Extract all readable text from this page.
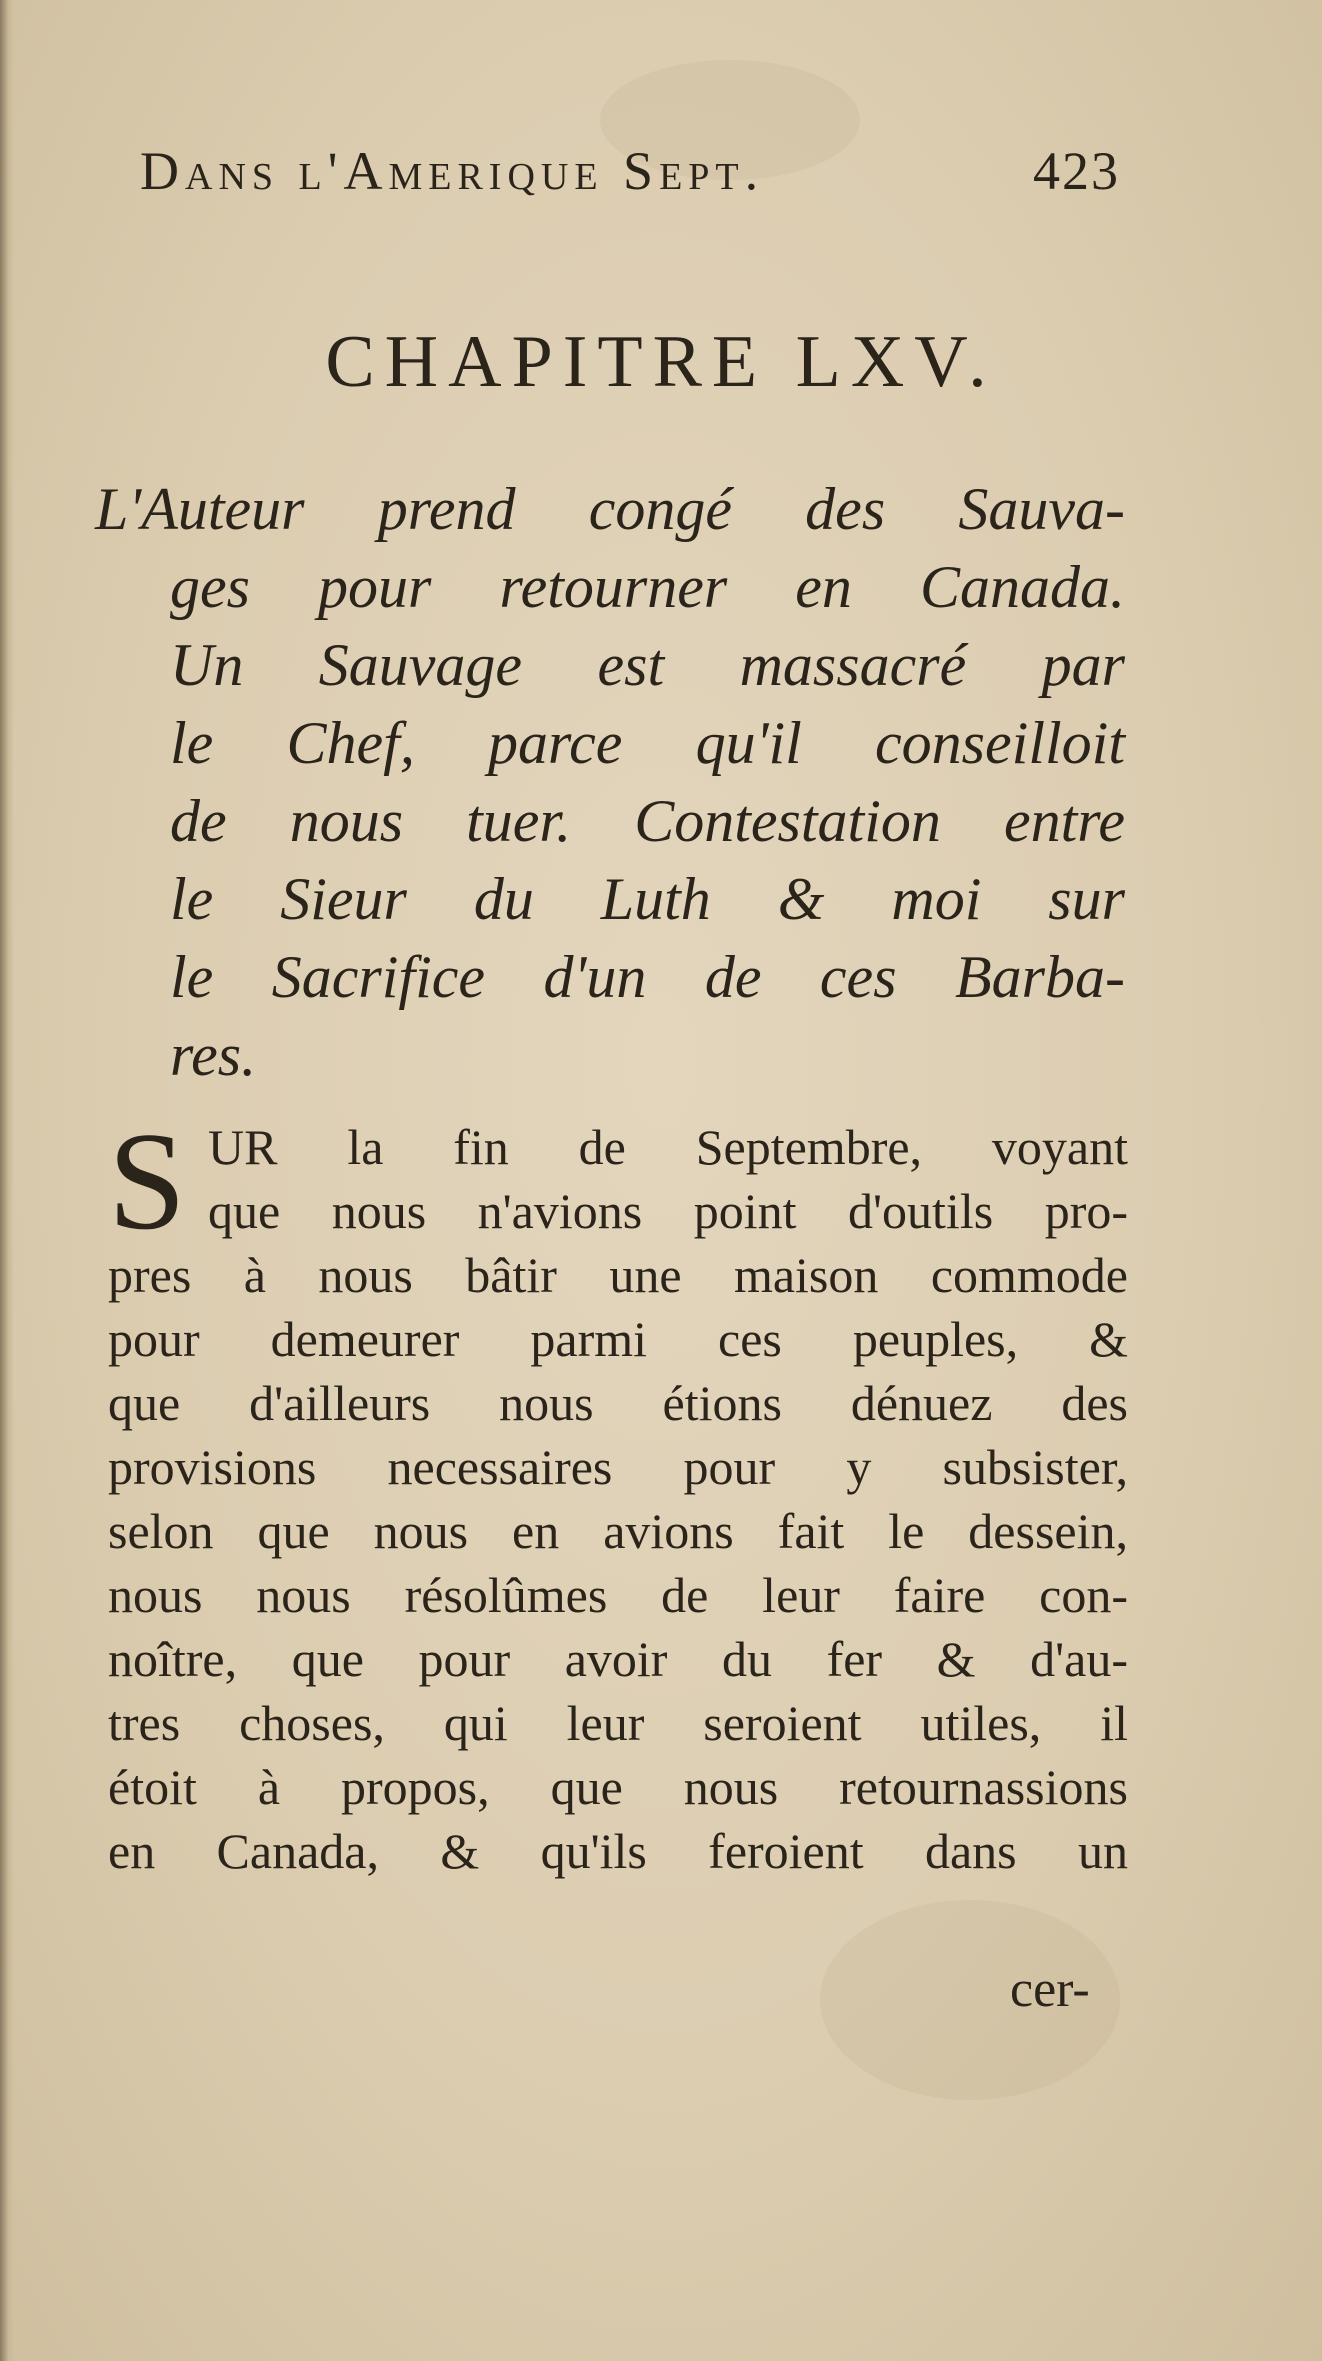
Dans l'Amerique Sept.	423
CHAPITRE LXV.
L'Auteur prend congé des Sauva-
ges pour retourner en Canada.
Un Sauvage est massacré par
le Chef, parce qu'il conseilloit
de nous tuer. Contestation entre
le Sieur du Luth & moi sur
le Sacrifice d'un de ces Barba-
res.
S UR la fin de Septembre, voyant
que nous n'avions point d'outils pro-
pres à nous bâtir une maison commode
pour demeurer parmi ces peuples, &
que d'ailleurs nous étions dénuez des
provisions necessaires pour y subsister,
selon que nous en avions fait le dessein,
nous nous résolûmes de leur faire con-
noître, que pour avoir du fer & d'au-
tres choses, qui leur seroient utiles, il
étoit à propos, que nous retournassions
en Canada, & qu'ils feroient dans un
cer-
